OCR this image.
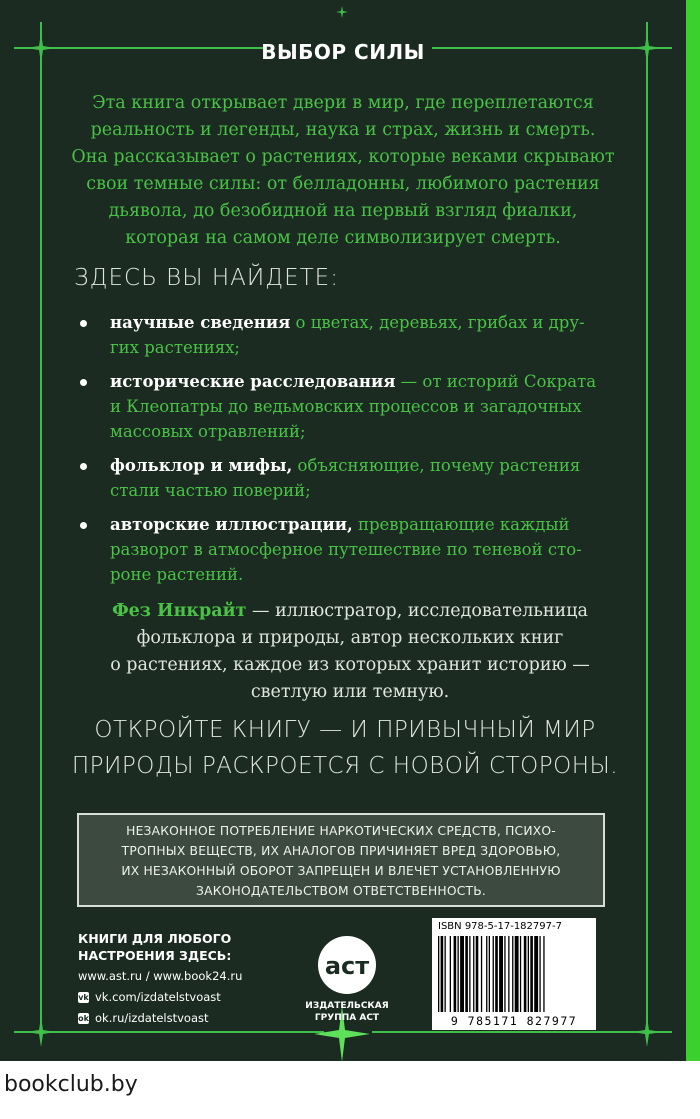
ВЫБОР СИЛЫ
Эта книга открывает двери в мир, где переплетаются
реальность и легенды, наука и страх, жизнь и смерть.
Она рассказывает о растениях, которые веками скрывают
свои темные силы: от белладонны, любимого растения
дьявола, до безобидной на первый взгляд фиалки,
которая на самом деле символизирует смерть.
ЗДЕСЬ ВЫ НАЙДЕТЕ:
научные сведения о цветах, деревьях, грибах и дру-гих растениях;
исторические расследования — от историй Сократа и Клеопатры до ведьмовских процессов и загадочных массовых отравлений;
фольклор и мифы, объясняющие, почему растения стали частью поверий;
авторские иллюстрации, превращающие каждый разворот в атмосферное путешествие по теневой сто-роне растений.
Фез Инкрайт — иллюстратор, исследовательница
фольклора и природы, автор нескольких книг
о растениях, каждое из которых хранит историю —
светлую или темную.
ОТКРОЙТЕ КНИГУ — И ПРИВЫЧНЫЙ МИР
ПРИРОДЫ РАСКРОЕТСЯ С НОВОЙ СТОРОНЫ.
НЕЗАКОННОЕ ПОТРЕБЛЕНИЕ НАРКОТИЧЕСКИХ СРЕДСТВ, ПСИХО-
ТРОПНЫХ ВЕЩЕСТВ, ИХ АНАЛОГОВ ПРИЧИНЯЕТ ВРЕД ЗДОРОВЬЮ,
ИХ НЕЗАКОННЫЙ ОБОРОТ ЗАПРЕЩЕН И ВЛЕЧЕТ УСТАНОВЛЕННУЮ
ЗАКОНОДАТЕЛЬСТВОМ ОТВЕТСТВЕННОСТЬ.
КНИГИ ДЛЯ ЛЮБОГО
НАСТРОЕНИЯ ЗДЕСЬ:
www.ast.ru / www.book24.ru
vk vk.com/izdatelstvoast
ok ok.ru/izdatelstvoast
аст
ИЗДАТЕЛЬСКАЯ
ГРУППА АСТ
ISBN 978-5-17-182797-7
9 785171 827977
bookclub.by
